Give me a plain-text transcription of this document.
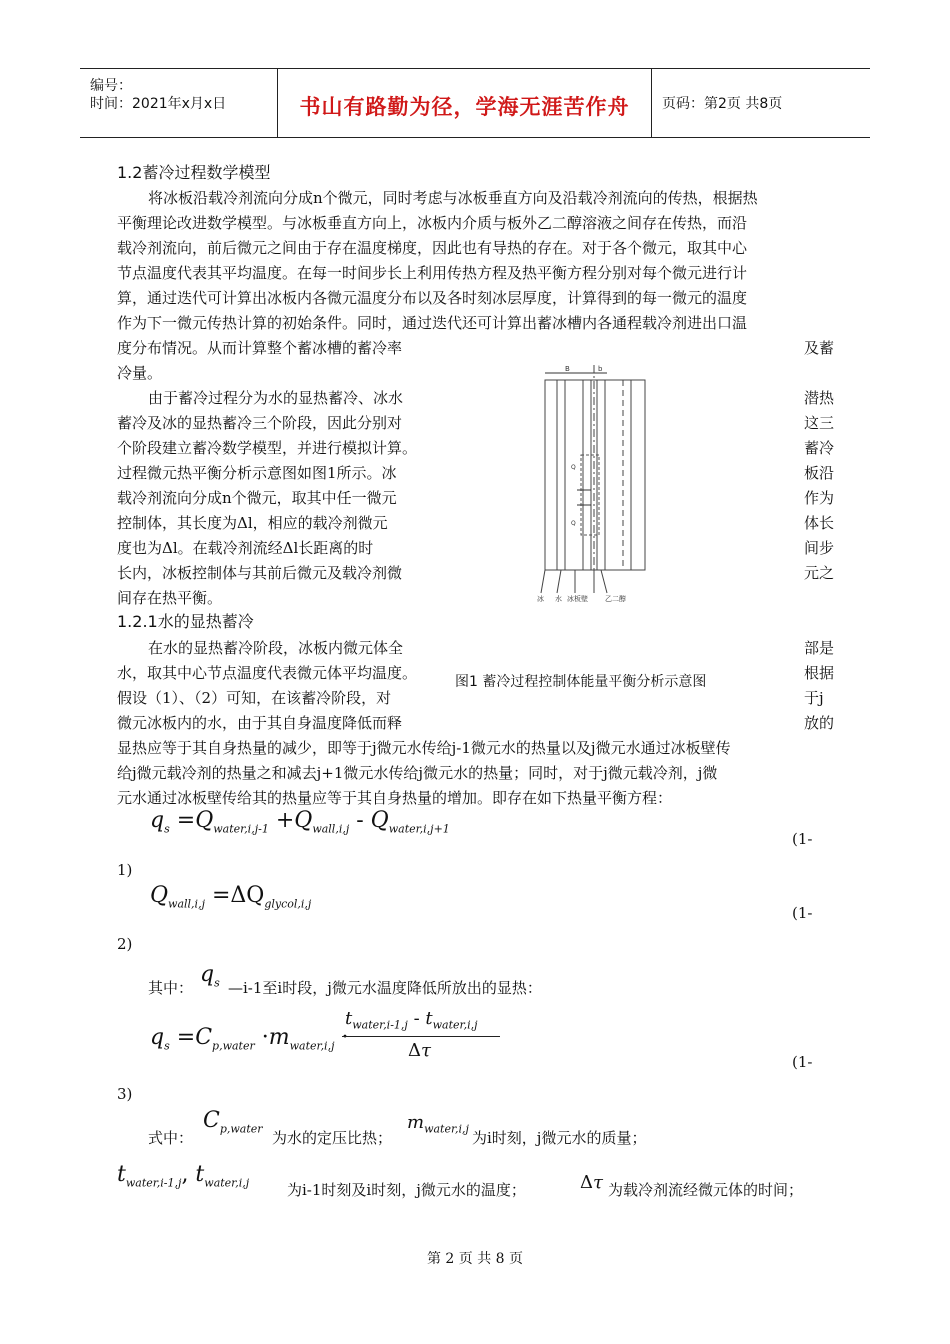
编号：
时间：2021年x月x日	书山有路勤为径，学海无涯苦作舟	页码：第2页 共8页
1.2蓄冷过程数学模型
将冰板沿载冷剂流向分成n个微元，同时考虑与冰板垂直方向及沿载冷剂流向的传热，根据热
平衡理论改进数学模型。与冰板垂直方向上，冰板内介质与板外乙二醇溶液之间存在传热，而沿
载冷剂流向，前后微元之间由于存在温度梯度，因此也有导热的存在。对于各个微元，取其中心
节点温度代表其平均温度。在每一时间步长上利用传热方程及热平衡方程分别对每个微元进行计
算，通过迭代可计算出冰板内各微元温度分布以及各时刻冰层厚度，计算得到的每一微元的温度
作为下一微元传热计算的初始条件。同时，通过迭代还可计算出蓄冰槽内各通程载冷剂进出口温
度分布情况。从而计算整个蓄冰槽的蓄冷率	及蓄
冷量。
由于蓄冷过程分为水的显热蓄冷、冰水
蓄冷及冰的显热蓄冷三个阶段，因此分别对
个阶段建立蓄冷数学模型，并进行模拟计算。
过程微元热平衡分析示意图如图1所示。冰
载冷剂流向分成n个微元，取其中任一微元
控制体，其长度为Δl，相应的载冷剂微元
度也为Δl。在载冷剂流经Δl长距离的时
长内，冰板控制体与其前后微元及载冷剂微
间存在热平衡。
潜热
这三
蓄冷
板沿
作为
体长
间步
元之
B	b
Q
Q
冰 水 冰板壁 乙二醇
1.2.1水的显热蓄冷
在水的显热蓄冷阶段，冰板内微元体全
水，取其中心节点温度代表微元体平均温度。
假设（1）、（2）可知，在该蓄冷阶段，对
微元冰板内的水，由于其自身温度降低而释
图1 蓄冷过程控制体能量平衡分析示意图
部是
根据
于j
放的
显热应等于其自身热量的减少，即等于j微元水传给j-1微元水的热量以及j微元水通过冰板壁传
给j微元载冷剂的热量之和减去j+1微元水传给j微元水的热量；同时，对于j微元载冷剂，j微
元水通过冰板壁传给其的热量应等于其自身热量的增加。即存在如下热量平衡方程：
$q_s =Q_{water,i,j-1} +Q_{wall,i,j} - Q_{water,i,j+1}$
(1-
1)
$Q_{wall,i,j} =\Delta Q_{glycol,i,j}$
(1-
2)
其中：
$q_s$ —i-1至i时段，j微元水温度降低所放出的显热：
$q_s =C_{p,water} \cdot m_{water,i,j}$ ·
$t_{water,i-1,j} - t_{water,i,j}$
Δτ
(1-
3)
式中：
$C_{p,water}$
为水的定压比热；
$m_{water,i,j}$ 为i时刻，j微元水的质量；
$t_{water,i-1,j}$, $t_{water,i,j}$	为i-1时刻及i时刻，j微元水的温度；	Δτ 为载冷剂流经微元体的时间；
第 2 页 共 8 页
